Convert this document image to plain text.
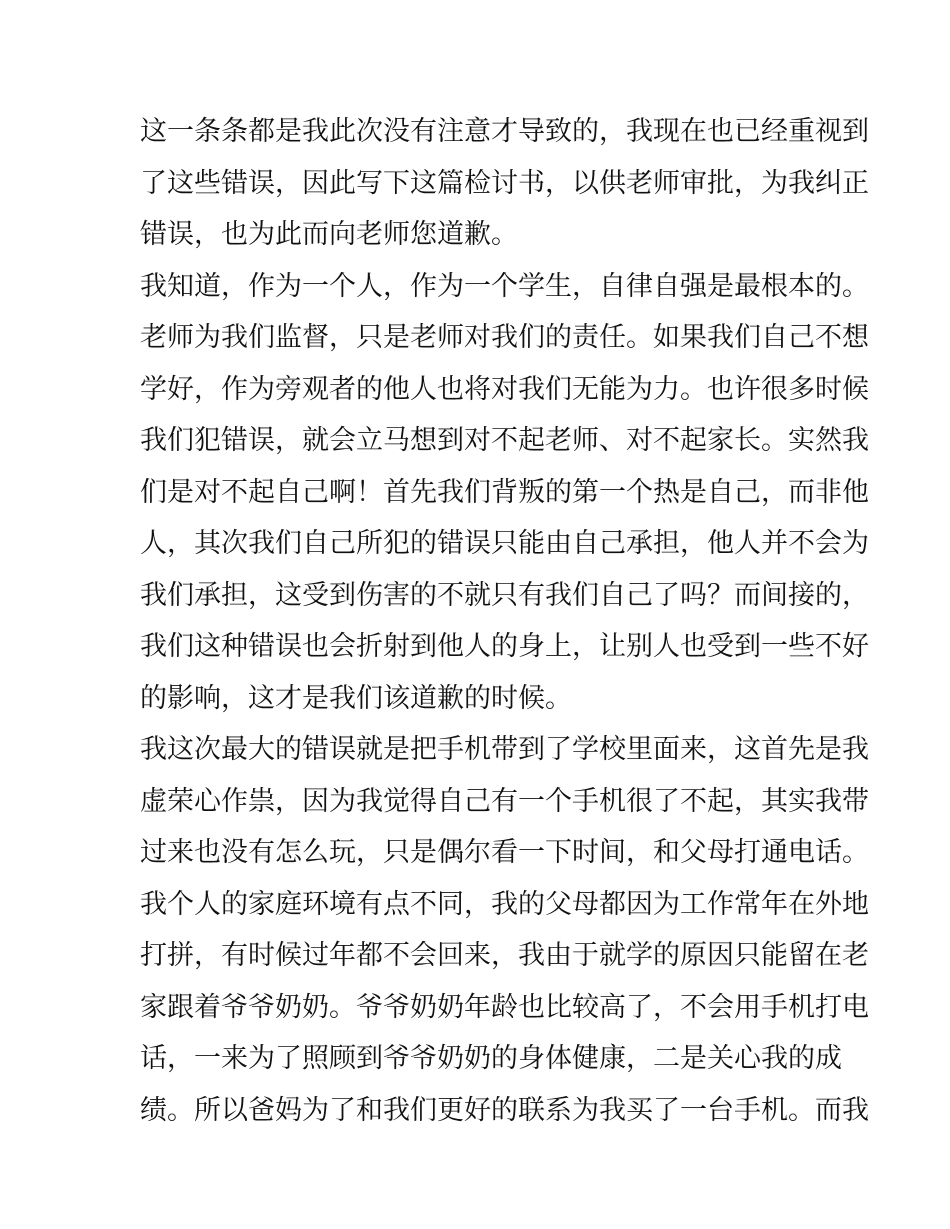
这一条条都是我此次没有注意才导致的，我现在也已经重视到
了这些错误，因此写下这篇检讨书，以供老师审批，为我纠正
错误，也为此而向老师您道歉。
我知道，作为一个人，作为一个学生，自律自强是最根本的。
老师为我们监督，只是老师对我们的责任。如果我们自己不想
学好，作为旁观者的他人也将对我们无能为力。也许很多时候
我们犯错误，就会立马想到对不起老师、对不起家长。实然我
们是对不起自己啊！首先我们背叛的第一个热是自己，而非他
人，其次我们自己所犯的错误只能由自己承担，他人并不会为
我们承担，这受到伤害的不就只有我们自己了吗？而间接的，
我们这种错误也会折射到他人的身上，让别人也受到一些不好
的影响，这才是我们该道歉的时候。
我这次最大的错误就是把手机带到了学校里面来，这首先是我
虚荣心作祟，因为我觉得自己有一个手机很了不起，其实我带
过来也没有怎么玩，只是偶尔看一下时间，和父母打通电话。
我个人的家庭环境有点不同，我的父母都因为工作常年在外地
打拼，有时候过年都不会回来，我由于就学的原因只能留在老
家跟着爷爷奶奶。爷爷奶奶年龄也比较高了，不会用手机打电
话，一来为了照顾到爷爷奶奶的身体健康，二是关心我的成
绩。所以爸妈为了和我们更好的联系为我买了一台手机。而我
